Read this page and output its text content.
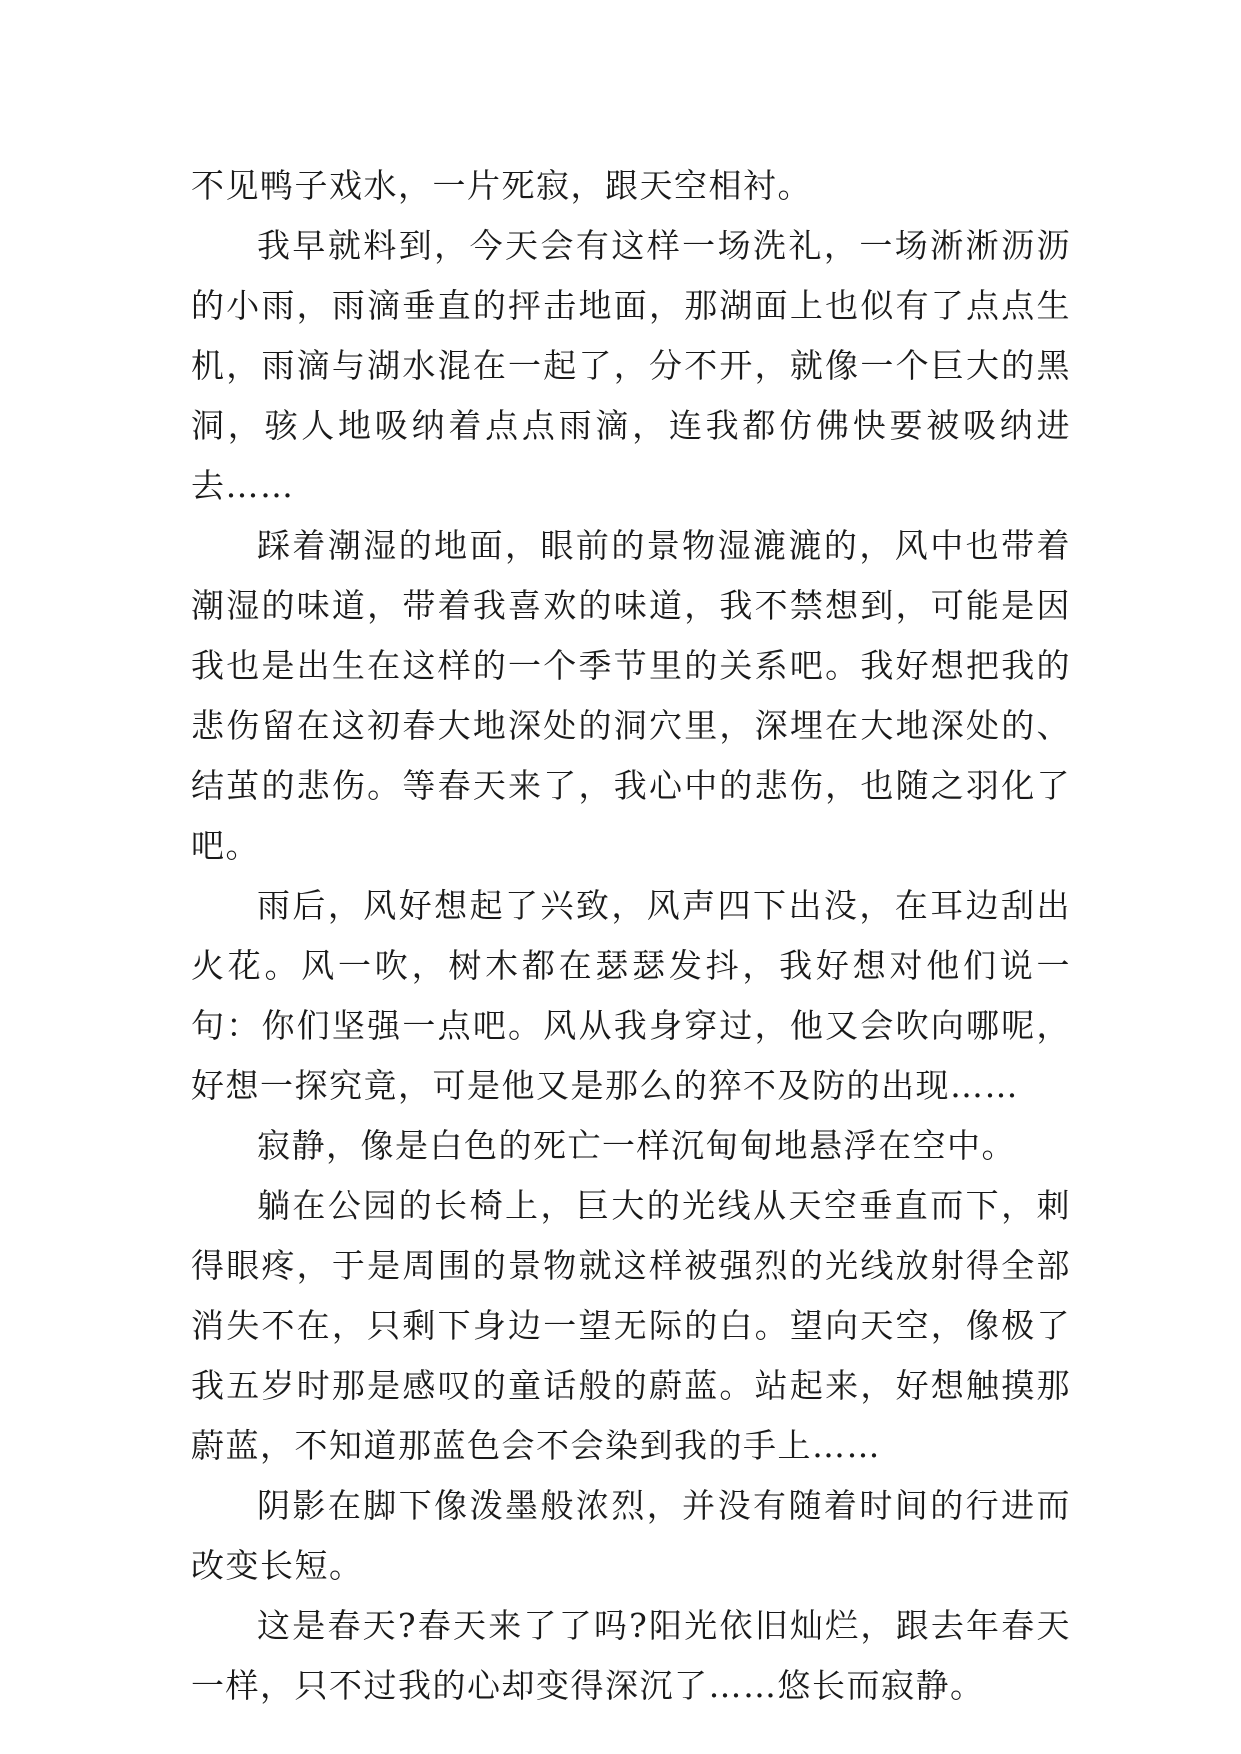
不见鸭子戏水，一片死寂，跟天空相衬。

我早就料到，今天会有这样一场洗礼，一场淅淅沥沥的小雨，雨滴垂直的抨击地面，那湖面上也似有了点点生机，雨滴与湖水混在一起了，分不开，就像一个巨大的黑洞，骇人地吸纳着点点雨滴，连我都仿佛快要被吸纳进去……

踩着潮湿的地面，眼前的景物湿漉漉的，风中也带着潮湿的味道，带着我喜欢的味道，我不禁想到，可能是因我也是出生在这样的一个季节里的关系吧。我好想把我的悲伤留在这初春大地深处的洞穴里，深埋在大地深处的、结茧的悲伤。等春天来了，我心中的悲伤，也随之羽化了吧。

雨后，风好想起了兴致，风声四下出没，在耳边刮出火花。风一吹，树木都在瑟瑟发抖，我好想对他们说一句：你们坚强一点吧。风从我身穿过，他又会吹向哪呢，好想一探究竟，可是他又是那么的猝不及防的出现……

寂静，像是白色的死亡一样沉甸甸地悬浮在空中。

躺在公园的长椅上，巨大的光线从天空垂直而下，刺得眼疼，于是周围的景物就这样被强烈的光线放射得全部消失不在，只剩下身边一望无际的白。望向天空，像极了我五岁时那是感叹的童话般的蔚蓝。站起来，好想触摸那蔚蓝，不知道那蓝色会不会染到我的手上……

阴影在脚下像泼墨般浓烈，并没有随着时间的行进而改变长短。

这是春天?春天来了了吗?阳光依旧灿烂，跟去年春天一样，只不过我的心却变得深沉了……悠长而寂静。
